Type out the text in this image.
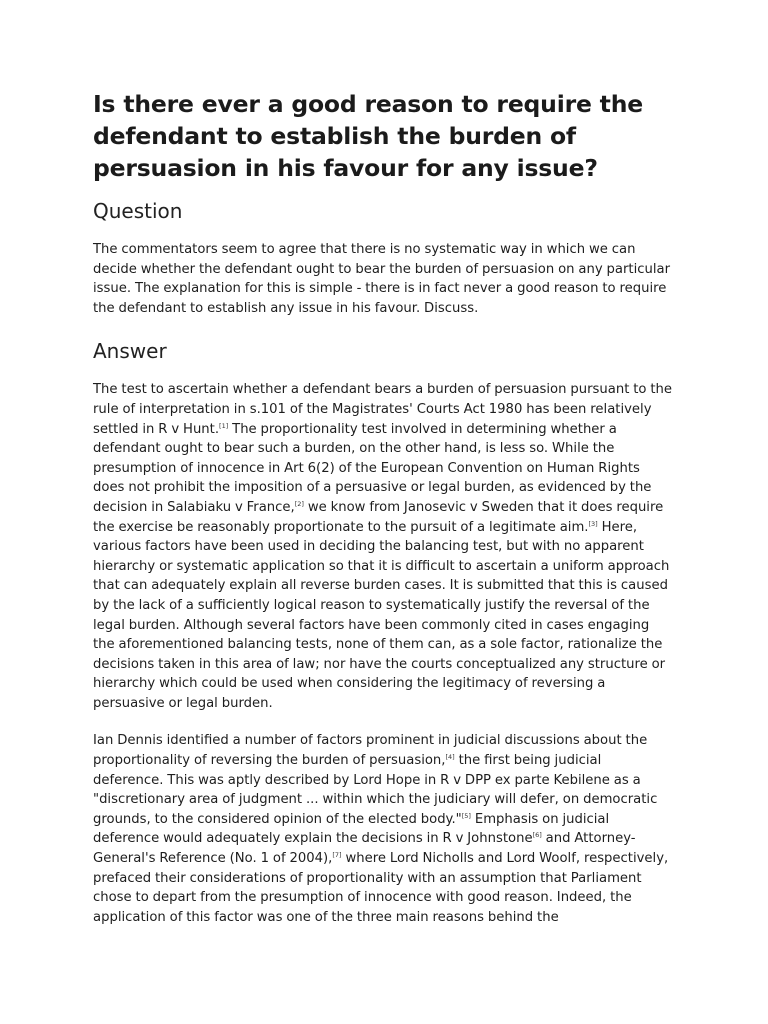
Is there ever a good reason to require the defendant to establish the burden of persuasion in his favour for any issue?
Question

The commentators seem to agree that there is no systematic way in which we can decide whether the defendant ought to bear the burden of persuasion on any particular issue. The explanation for this is simple - there is in fact never a good reason to require the defendant to establish any issue in his favour. Discuss.

Answer

The test to ascertain whether a defendant bears a burden of persuasion pursuant to the rule of interpretation in s.101 of the Magistrates' Courts Act 1980 has been relatively settled in R v Hunt.[1] The proportionality test involved in determining whether a defendant ought to bear such a burden, on the other hand, is less so. While the presumption of innocence in Art 6(2) of the European Convention on Human Rights does not prohibit the imposition of a persuasive or legal burden, as evidenced by the decision in Salabiaku v France,[2] we know from Janosevic v Sweden that it does require the exercise be reasonably proportionate to the pursuit of a legitimate aim.[3] Here, various factors have been used in deciding the balancing test, but with no apparent hierarchy or systematic application so that it is difficult to ascertain a uniform approach that can adequately explain all reverse burden cases. It is submitted that this is caused by the lack of a sufficiently logical reason to systematically justify the reversal of the legal burden. Although several factors have been commonly cited in cases engaging the aforementioned balancing tests, none of them can, as a sole factor, rationalize the decisions taken in this area of law; nor have the courts conceptualized any structure or hierarchy which could be used when considering the legitimacy of reversing a persuasive or legal burden.

Ian Dennis identified a number of factors prominent in judicial discussions about the proportionality of reversing the burden of persuasion,[4] the first being judicial deference. This was aptly described by Lord Hope in R v DPP ex parte Kebilene as a "discretionary area of judgment ... within which the judiciary will defer, on democratic grounds, to the considered opinion of the elected body."[5] Emphasis on judicial deference would adequately explain the decisions in R v Johnstone[6] and Attorney-General's Reference (No. 1 of 2004),[7] where Lord Nicholls and Lord Woolf, respectively, prefaced their considerations of proportionality with an assumption that Parliament chose to depart from the presumption of innocence with good reason. Indeed, the application of this factor was one of the three main reasons behind the
